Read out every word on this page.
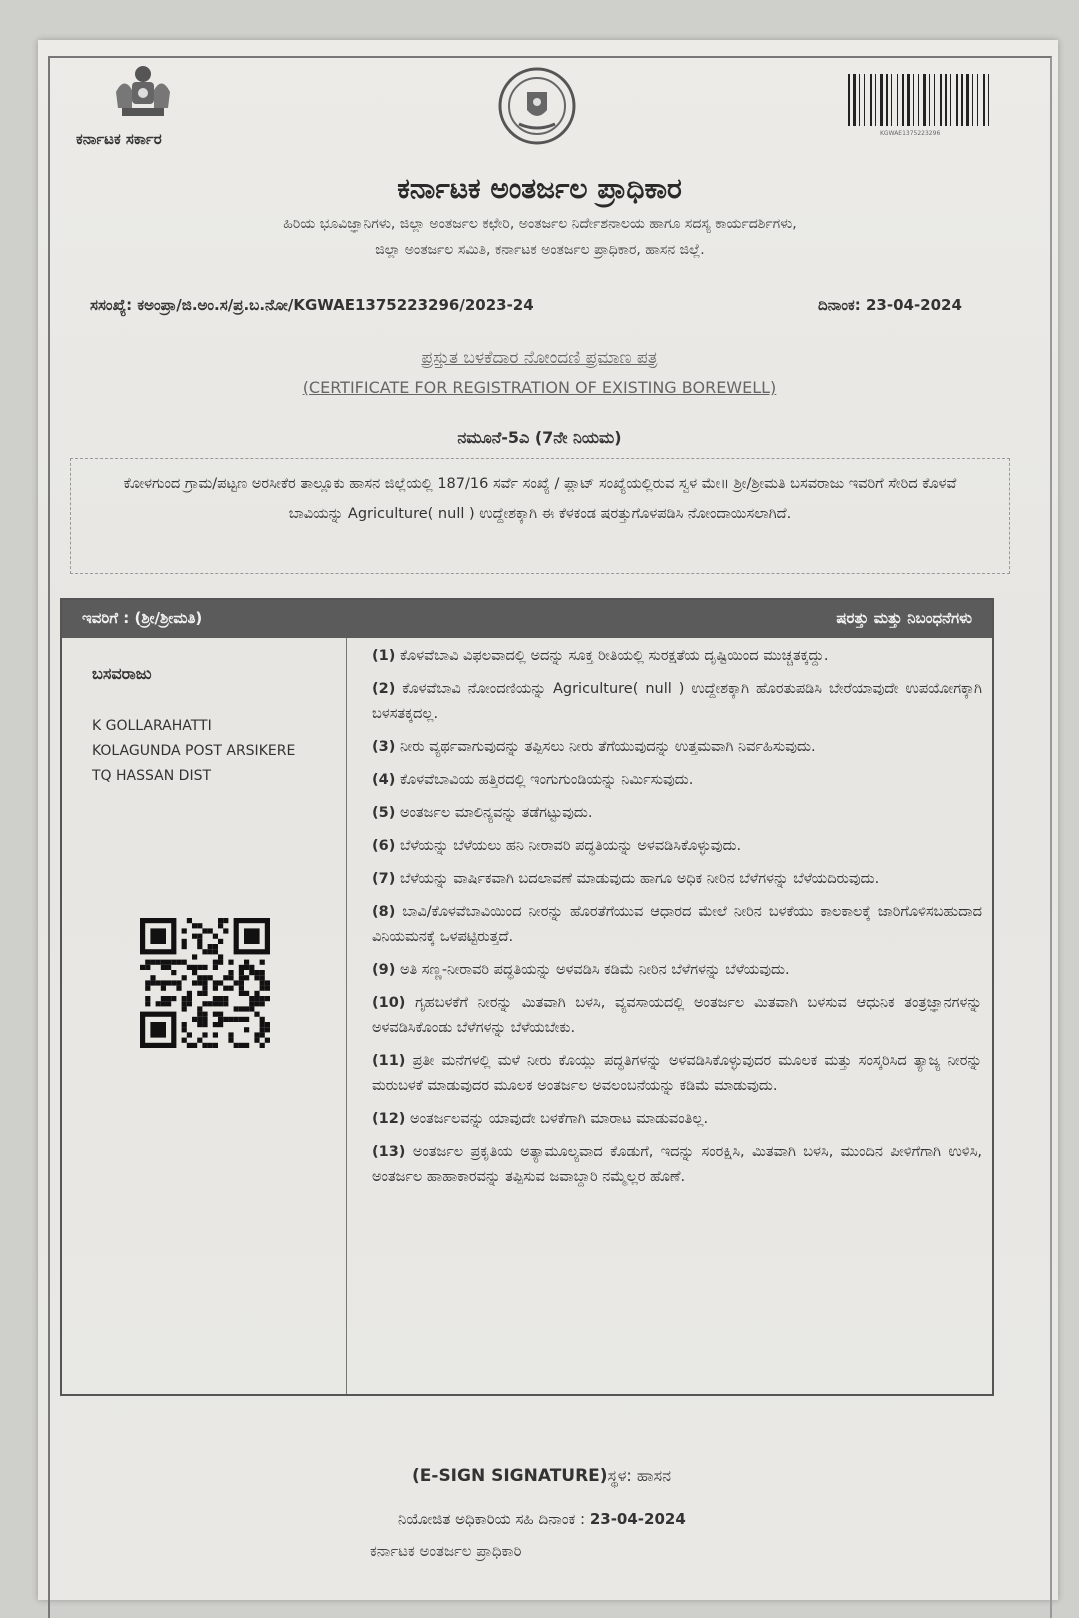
ಕರ್ನಾಟಕ ಸರ್ಕಾರ	KGWAE1375223296
ಕರ್ನಾಟಕ ಅಂತರ್ಜಲ ಪ್ರಾಧಿಕಾರ
ಹಿರಿಯ ಭೂವಿಜ್ಞಾನಿಗಳು, ಜಿಲ್ಲಾ ಅಂತರ್ಜಲ ಕಛೇರಿ, ಅಂತರ್ಜಲ ನಿರ್ದೇಶನಾಲಯ ಹಾಗೂ ಸದಸ್ಯ ಕಾರ್ಯದರ್ಶಿಗಳು,
ಜಿಲ್ಲಾ ಅಂತರ್ಜಲ ಸಮಿತಿ, ಕರ್ನಾಟಕ ಅಂತರ್ಜಲ ಪ್ರಾಧಿಕಾರ, ಹಾಸನ ಜಿಲ್ಲೆ.
ಸಸಂಖ್ಯೆ: ಕಅಂಪ್ರಾ/ಜಿ.ಅಂ.ಸ/ಪ್ರ.ಬ.ನೋ/KGWAE1375223296/2023-24	ದಿನಾಂಕ: 23-04-2024
ಪ್ರಸ್ತುತ ಬಳಕೆದಾರ ನೋಂದಣಿ ಪ್ರಮಾಣ ಪತ್ರ
(CERTIFICATE FOR REGISTRATION OF EXISTING BOREWELL)
ನಮೂನೆ-5ಎ (7ನೇ ನಿಯಮ)
ಕೋಳಗುಂದ ಗ್ರಾಮ/ಪಟ್ಟಣ ಅರಸೀಕೆರ ತಾಲ್ಲೂಕು ಹಾಸನ ಜಿಲ್ಲೆಯಲ್ಲಿ 187/16 ಸರ್ವೆ ಸಂಖ್ಯೆ / ಪ್ಲಾಟ್ ಸಂಖ್ಯೆಯಲ್ಲಿರುವ ಸ್ವಳ ಮೇ॥ ಶ್ರೀ/ಶ್ರೀಮತಿ ಬಸವರಾಜು ಇವರಿಗೆ ಸೇರಿದ ಕೊಳವೆ ಬಾವಿಯನ್ನು Agriculture( null ) ಉದ್ದೇಶಕ್ಕಾಗಿ ಈ ಕೆಳಕಂಡ ಷರತ್ತುಗೊಳಪಡಿಸಿ ನೋಂದಾಯಿಸಲಾಗಿದೆ.
ಇವರಿಗೆ : (ಶ್ರೀ/ಶ್ರೀಮತಿ)	ಷರತ್ತು ಮತ್ತು ನಿಬಂಧನೆಗಳು
ಬಸವರಾಜು
K GOLLARAHATTI
KOLAGUNDA POST ARSIKERE
TQ HASSAN DIST
(1) ಕೊಳವೆಬಾವಿ ವಿಫಲವಾದಲ್ಲಿ ಅದನ್ನು ಸೂಕ್ತ ರೀತಿಯಲ್ಲಿ ಸುರಕ್ಷತೆಯ ದೃಷ್ಟಿಯಿಂದ ಮುಚ್ಚತಕ್ಕದ್ದು.
(2) ಕೊಳವೆಬಾವಿ ನೋಂದಣಿಯನ್ನು Agriculture( null ) ಉದ್ದೇಶಕ್ಕಾಗಿ ಹೊರತುಪಡಿಸಿ ಬೇರೆಯಾವುದೇ ಉಪಯೋಗಕ್ಕಾಗಿ ಬಳಸತಕ್ಕದಲ್ಲ.
(3) ನೀರು ವ್ಯರ್ಥವಾಗುವುದನ್ನು ತಪ್ಪಿಸಲು ನೀರು ತೆಗೆಯುವುದನ್ನು ಉತ್ತಮವಾಗಿ ನಿರ್ವಹಿಸುವುದು.
(4) ಕೊಳವೆಬಾವಿಯ ಹತ್ತಿರದಲ್ಲಿ ಇಂಗುಗುಂಡಿಯನ್ನು ನಿರ್ಮಿಸುವುದು.
(5) ಅಂತರ್ಜಲ ಮಾಲಿನ್ಯವನ್ನು ತಡೆಗಟ್ಟುವುದು.
(6) ಬೆಳೆಯನ್ನು ಬೆಳೆಯಲು ಹನಿ ನೀರಾವರಿ ಪದ್ಧತಿಯನ್ನು ಅಳವಡಿಸಿಕೊಳ್ಳುವುದು.
(7) ಬೆಳೆಯನ್ನು ವಾರ್ಷಿಕವಾಗಿ ಬದಲಾವಣೆ ಮಾಡುವುದು ಹಾಗೂ ಅಧಿಕ ನೀರಿನ ಬೆಳೆಗಳನ್ನು ಬೆಳೆಯದಿರುವುದು.
(8) ಬಾವಿ/ಕೊಳವೆಬಾವಿಯಿಂದ ನೀರನ್ನು ಹೊರತೆಗೆಯುವ ಆಧಾರದ ಮೇಲೆ ನೀರಿನ ಬಳಕೆಯು ಕಾಲಕಾಲಕ್ಕೆ ಜಾರಿಗೊಳಿಸಬಹುದಾದ ವಿನಿಯಮನಕ್ಕೆ ಒಳಪಟ್ಟಿರುತ್ತದೆ.
(9) ಅತಿ ಸಣ್ಣ-ನೀರಾವರಿ ಪದ್ಧತಿಯನ್ನು ಅಳವಡಿಸಿ ಕಡಿಮೆ ನೀರಿನ ಬೆಳೆಗಳನ್ನು ಬೆಳೆಯವುದು.
(10) ಗೃಹಬಳಕೆಗೆ ನೀರನ್ನು ಮಿತವಾಗಿ ಬಳಸಿ, ವ್ಯವಸಾಯದಲ್ಲಿ ಅಂತರ್ಜಲ ಮಿತವಾಗಿ ಬಳಸುವ ಆಧುನಿಕ ತಂತ್ರಜ್ಞಾನಗಳನ್ನು ಅಳವಡಿಸಿಕೊಂಡು ಬೆಳೆಗಳನ್ನು ಬೆಳೆಯಬೇಕು.
(11) ಪ್ರತೀ ಮನೆಗಳಲ್ಲಿ ಮಳೆ ನೀರು ಕೊಯ್ಲು ಪದ್ಧತಿಗಳನ್ನು ಅಳವಡಿಸಿಕೊಳ್ಳುವುದರ ಮೂಲಕ ಮತ್ತು ಸಂಸ್ಕರಿಸಿದ ತ್ಯಾಜ್ಯ ನೀರನ್ನು ಮರುಬಳಕೆ ಮಾಡುವುದರ ಮೂಲಕ ಅಂತರ್ಜಲ ಅವಲಂಬನೆಯನ್ನು ಕಡಿಮೆ ಮಾಡುವುದು.
(12) ಅಂತರ್ಜಲವನ್ನು ಯಾವುದೇ ಬಳಕೆಗಾಗಿ ಮಾರಾಟ ಮಾಡುವಂತಿಲ್ಲ.
(13) ಅಂತರ್ಜಲ ಪ್ರಕೃತಿಯ ಅತ್ಯಾಮೂಲ್ಯವಾದ ಕೊಡುಗೆ, ಇದನ್ನು ಸಂರಕ್ಷಿಸಿ, ಮಿತವಾಗಿ ಬಳಸಿ, ಮುಂದಿನ ಪೀಳಿಗೆಗಾಗಿ ಉಳಿಸಿ, ಅಂತರ್ಜಲ ಹಾಹಾಕಾರವನ್ನು ತಪ್ಪಿಸುವ ಜವಾಬ್ದಾರಿ ನಮ್ಮೆಲ್ಲರ ಹೊಣೆ.
(E-SIGN SIGNATURE)ಸ್ಥಳ: ಹಾಸನ
ನಿಯೋಜಿತ ಅಧಿಕಾರಿಯ ಸಹಿ ದಿನಾಂಕ : 23-04-2024
ಕರ್ನಾಟಕ ಅಂತರ್ಜಲ ಪ್ರಾಧಿಕಾರಿ
